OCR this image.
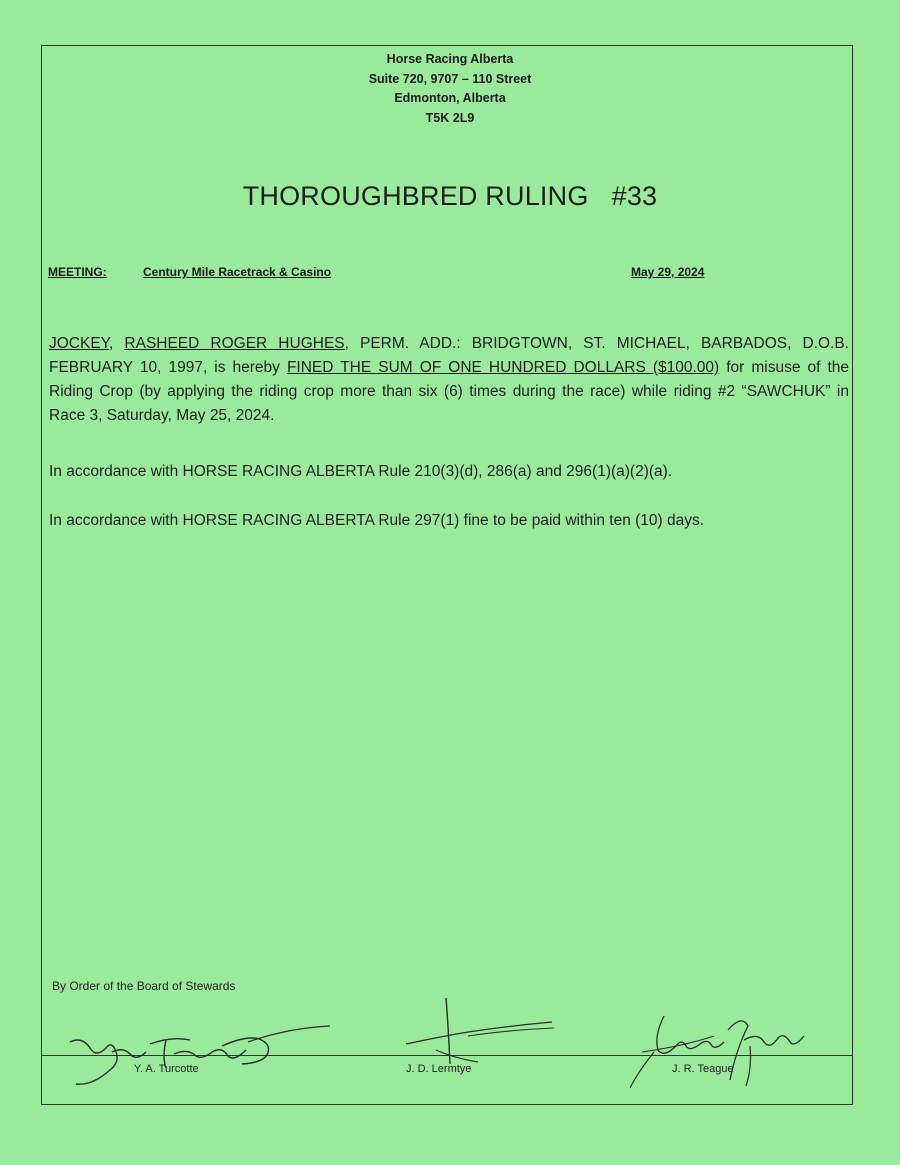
Horse Racing Alberta
Suite 720, 9707 – 110 Street
Edmonton, Alberta
T5K 2L9
THOROUGHBRED RULING   #33
MEETING:	Century Mile Racetrack & Casino	May 29, 2024
JOCKEY, RASHEED ROGER HUGHES, PERM. ADD.: BRIDGTOWN, ST. MICHAEL, BARBADOS, D.O.B. FEBRUARY 10, 1997, is hereby FINED THE SUM OF ONE HUNDRED DOLLARS ($100.00) for misuse of the Riding Crop (by applying the riding crop more than six (6) times during the race) while riding #2 “SAWCHUK” in Race 3, Saturday, May 25, 2024.
In accordance with HORSE RACING ALBERTA Rule 210(3)(d), 286(a) and 296(1)(a)(2)(a).
In accordance with HORSE RACING ALBERTA Rule 297(1) fine to be paid within ten (10) days.
By Order of the Board of Stewards
Y. A. Turcotte	J. D. Lermtye	J. R. Teague
